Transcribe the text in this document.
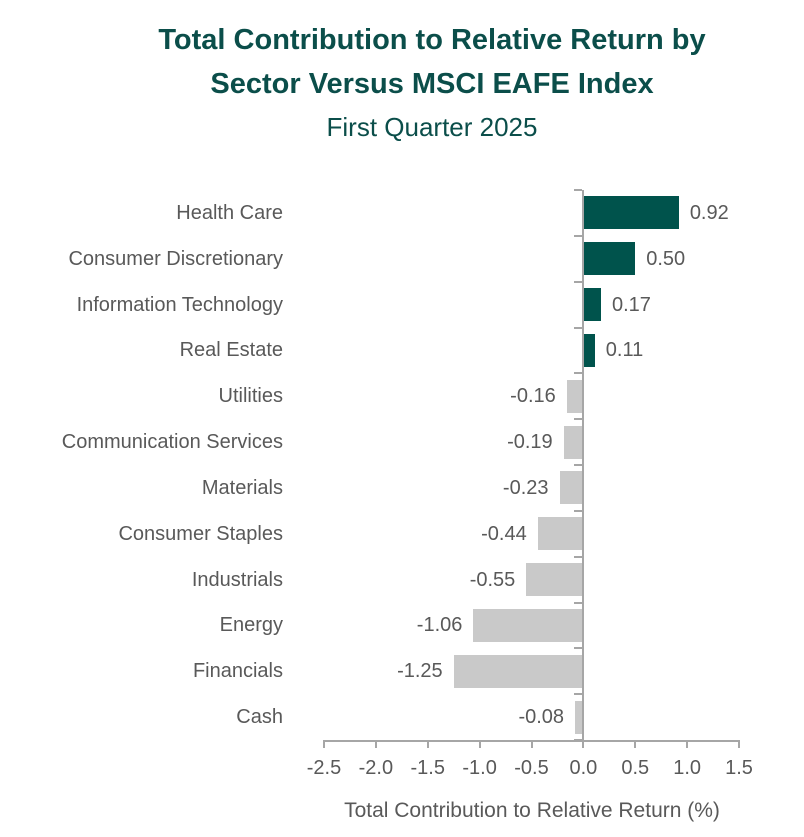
Total Contribution to Relative Return by
Sector Versus MSCI EAFE Index
First Quarter 2025
Health Care	0.92
Consumer Discretionary	0.50
Information Technology	0.17
Real Estate	0.11
Utilities	-0.16
Communication Services	-0.19
Materials	-0.23
Consumer Staples	-0.44
Industrials	-0.55
Energy	-1.06
Financials	-1.25
Cash	-0.08
-2.5 -2.0 -1.5 -1.0 -0.5	0.0	0.5	1.0	1.5
Total Contribution to Relative Return (%)
